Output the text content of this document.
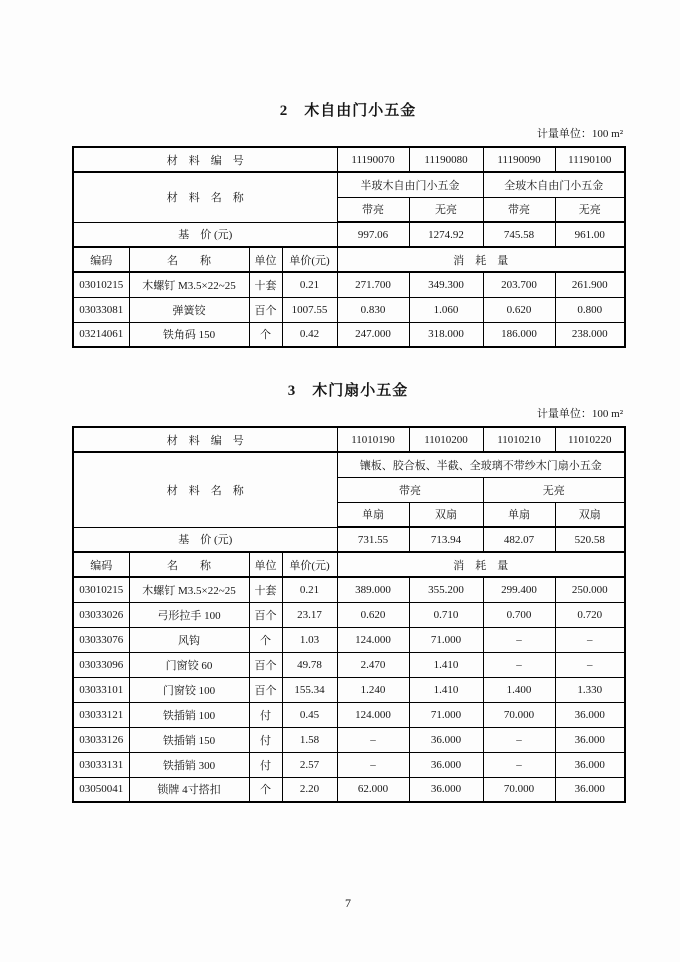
2　木自由门小五金
计量单位：100 m²
材　料　编　号				11190070	11190080	11190090	11190100
材　料　名　称				半玻木自由门小五金		全玻木自由门小五金	
				带亮	无亮	带亮	无亮
基　价 (元)				997.06	1274.92	745.58	961.00
编码	名　　称	单位	单价(元)	消　耗　量			
03010215	木螺钉 M3.5×22~25	十套	0.21	271.700	349.300	203.700	261.900
03033081	弹簧铰	百个	1007.55	0.830	1.060	0.620	0.800
03214061	铁角码 150	个	0.42	247.000	318.000	186.000	238.000
3　木门扇小五金
计量单位：100 m²
材　料　编　号				11010190	11010200	11010210	11010220
材　料　名　称				镶板、胶合板、半截、全玻璃不带纱木门扇小五金			
				带亮		无亮	
				单扇	双扇	单扇	双扇
基　价 (元)				731.55	713.94	482.07	520.58
编码	名　　称	单位	单价(元)	消　耗　量			
03010215	木螺钉 M3.5×22~25	十套	0.21	389.000	355.200	299.400	250.000
03033026	弓形拉手 100	百个	23.17	0.620	0.710	0.700	0.720
03033076	风钩	个	1.03	124.000	71.000	–	–
03033096	门窗铰 60	百个	49.78	2.470	1.410	–	–
03033101	门窗铰 100	百个	155.34	1.240	1.410	1.400	1.330
03033121	铁插销 100	付	0.45	124.000	71.000	70.000	36.000
03033126	铁插销 150	付	1.58	–	36.000	–	36.000
03033131	铁插销 300	付	2.57	–	36.000	–	36.000
03050041	锁牌 4寸搭扣	个	2.20	62.000	36.000	70.000	36.000
7
